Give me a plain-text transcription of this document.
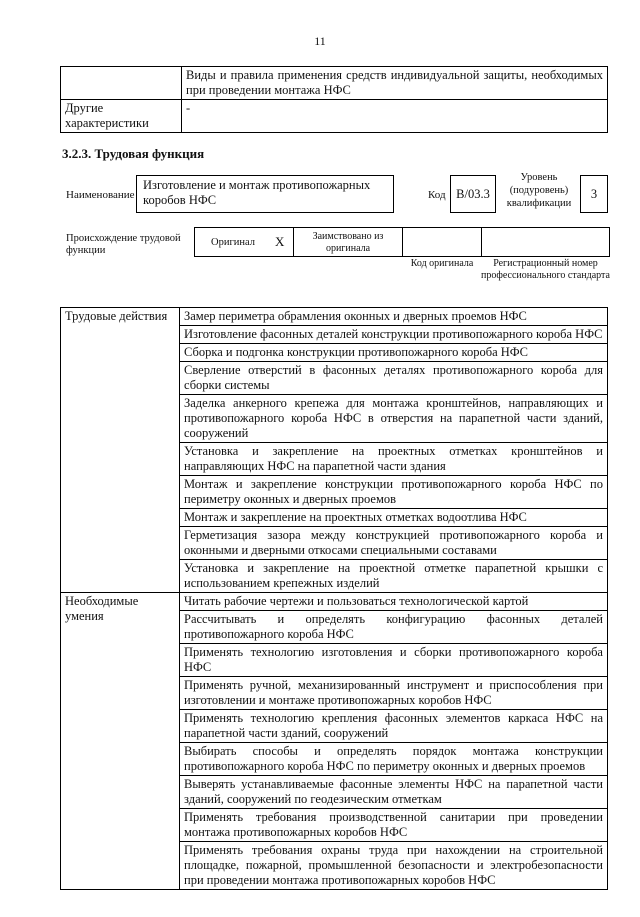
11
	Виды и правила применения средств индивидуальной защиты, необходимых при проведении монтажа НФС
Другие характеристики	-
3.2.3. Трудовая функция
Наименование
Изготовление и монтаж противопожарных коробов НФС	Код B/03.3
Уровень (подуровень) квалификации
3
Происхождение трудовой функции
Оригинал X	Заимствовано из оригинала
Код оригинала	Регистрационный номер профессионального стандарта
Трудовые действия	Замер периметра обрамления оконных и дверных проемов НФС
	Изготовление фасонных деталей конструкции противопожарного короба НФС
	Сборка и подгонка конструкции противопожарного короба НФС
	Сверление отверстий в фасонных деталях противопожарного короба для сборки системы
	Заделка анкерного крепежа для монтажа кронштейнов, направляющих и противопожарного короба НФС в отверстия на парапетной части зданий, сооружений
	Установка и закрепление на проектных отметках кронштейнов и направляющих НФС на парапетной части здания
	Монтаж и закрепление конструкции противопожарного короба НФС по периметру оконных и дверных проемов
	Монтаж и закрепление на проектных отметках водоотлива НФС
	Герметизация зазора между конструкцией противопожарного короба и оконными и дверными откосами специальными составами
	Установка и закрепление на проектной отметке парапетной крышки с использованием крепежных изделий
Необходимые умения	Читать рабочие чертежи и пользоваться технологической картой
	Рассчитывать и определять конфигурацию фасонных деталей противопожарного короба НФС
	Применять технологию изготовления и сборки противопожарного короба НФС
	Применять ручной, механизированный инструмент и приспособления при изготовлении и монтаже противопожарных коробов НФС
	Применять технологию крепления фасонных элементов каркаса НФС на парапетной части зданий, сооружений
	Выбирать способы и определять порядок монтажа конструкции противопожарного короба НФС по периметру оконных и дверных проемов
	Выверять устанавливаемые фасонные элементы НФС на парапетной части зданий, сооружений по геодезическим отметкам
	Применять требования производственной санитарии при проведении монтажа противопожарных коробов НФС
	Применять требования охраны труда при нахождении на строительной площадке, пожарной, промышленной безопасности и электробезопасности при проведении монтажа противопожарных коробов НФС
